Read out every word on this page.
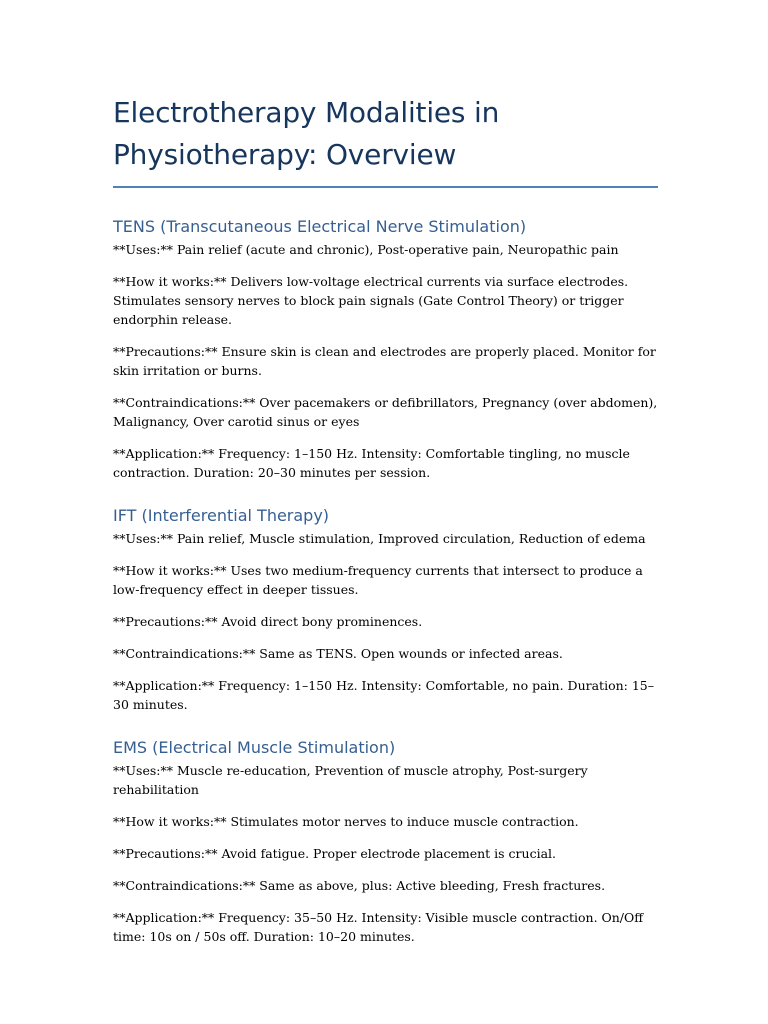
Electrotherapy Modalities in Physiotherapy: Overview
TENS (Transcutaneous Electrical Nerve Stimulation)

**Uses:** Pain relief (acute and chronic), Post-operative pain, Neuropathic pain

**How it works:** Delivers low-voltage electrical currents via surface electrodes. Stimulates sensory nerves to block pain signals (Gate Control Theory) or trigger endorphin release.

**Precautions:** Ensure skin is clean and electrodes are properly placed. Monitor for skin irritation or burns.

**Contraindications:** Over pacemakers or defibrillators, Pregnancy (over abdomen), Malignancy, Over carotid sinus or eyes

**Application:** Frequency: 1–150 Hz. Intensity: Comfortable tingling, no muscle contraction. Duration: 20–30 minutes per session.

IFT (Interferential Therapy)

**Uses:** Pain relief, Muscle stimulation, Improved circulation, Reduction of edema

**How it works:** Uses two medium-frequency currents that intersect to produce a low-frequency effect in deeper tissues.

**Precautions:** Avoid direct bony prominences.

**Contraindications:** Same as TENS. Open wounds or infected areas.

**Application:** Frequency: 1–150 Hz. Intensity: Comfortable, no pain. Duration: 15–30 minutes.

EMS (Electrical Muscle Stimulation)

**Uses:** Muscle re-education, Prevention of muscle atrophy, Post-surgery rehabilitation

**How it works:** Stimulates motor nerves to induce muscle contraction.

**Precautions:** Avoid fatigue. Proper electrode placement is crucial.

**Contraindications:** Same as above, plus: Active bleeding, Fresh fractures.

**Application:** Frequency: 35–50 Hz. Intensity: Visible muscle contraction. On/Off time: 10s on / 50s off. Duration: 10–20 minutes.
